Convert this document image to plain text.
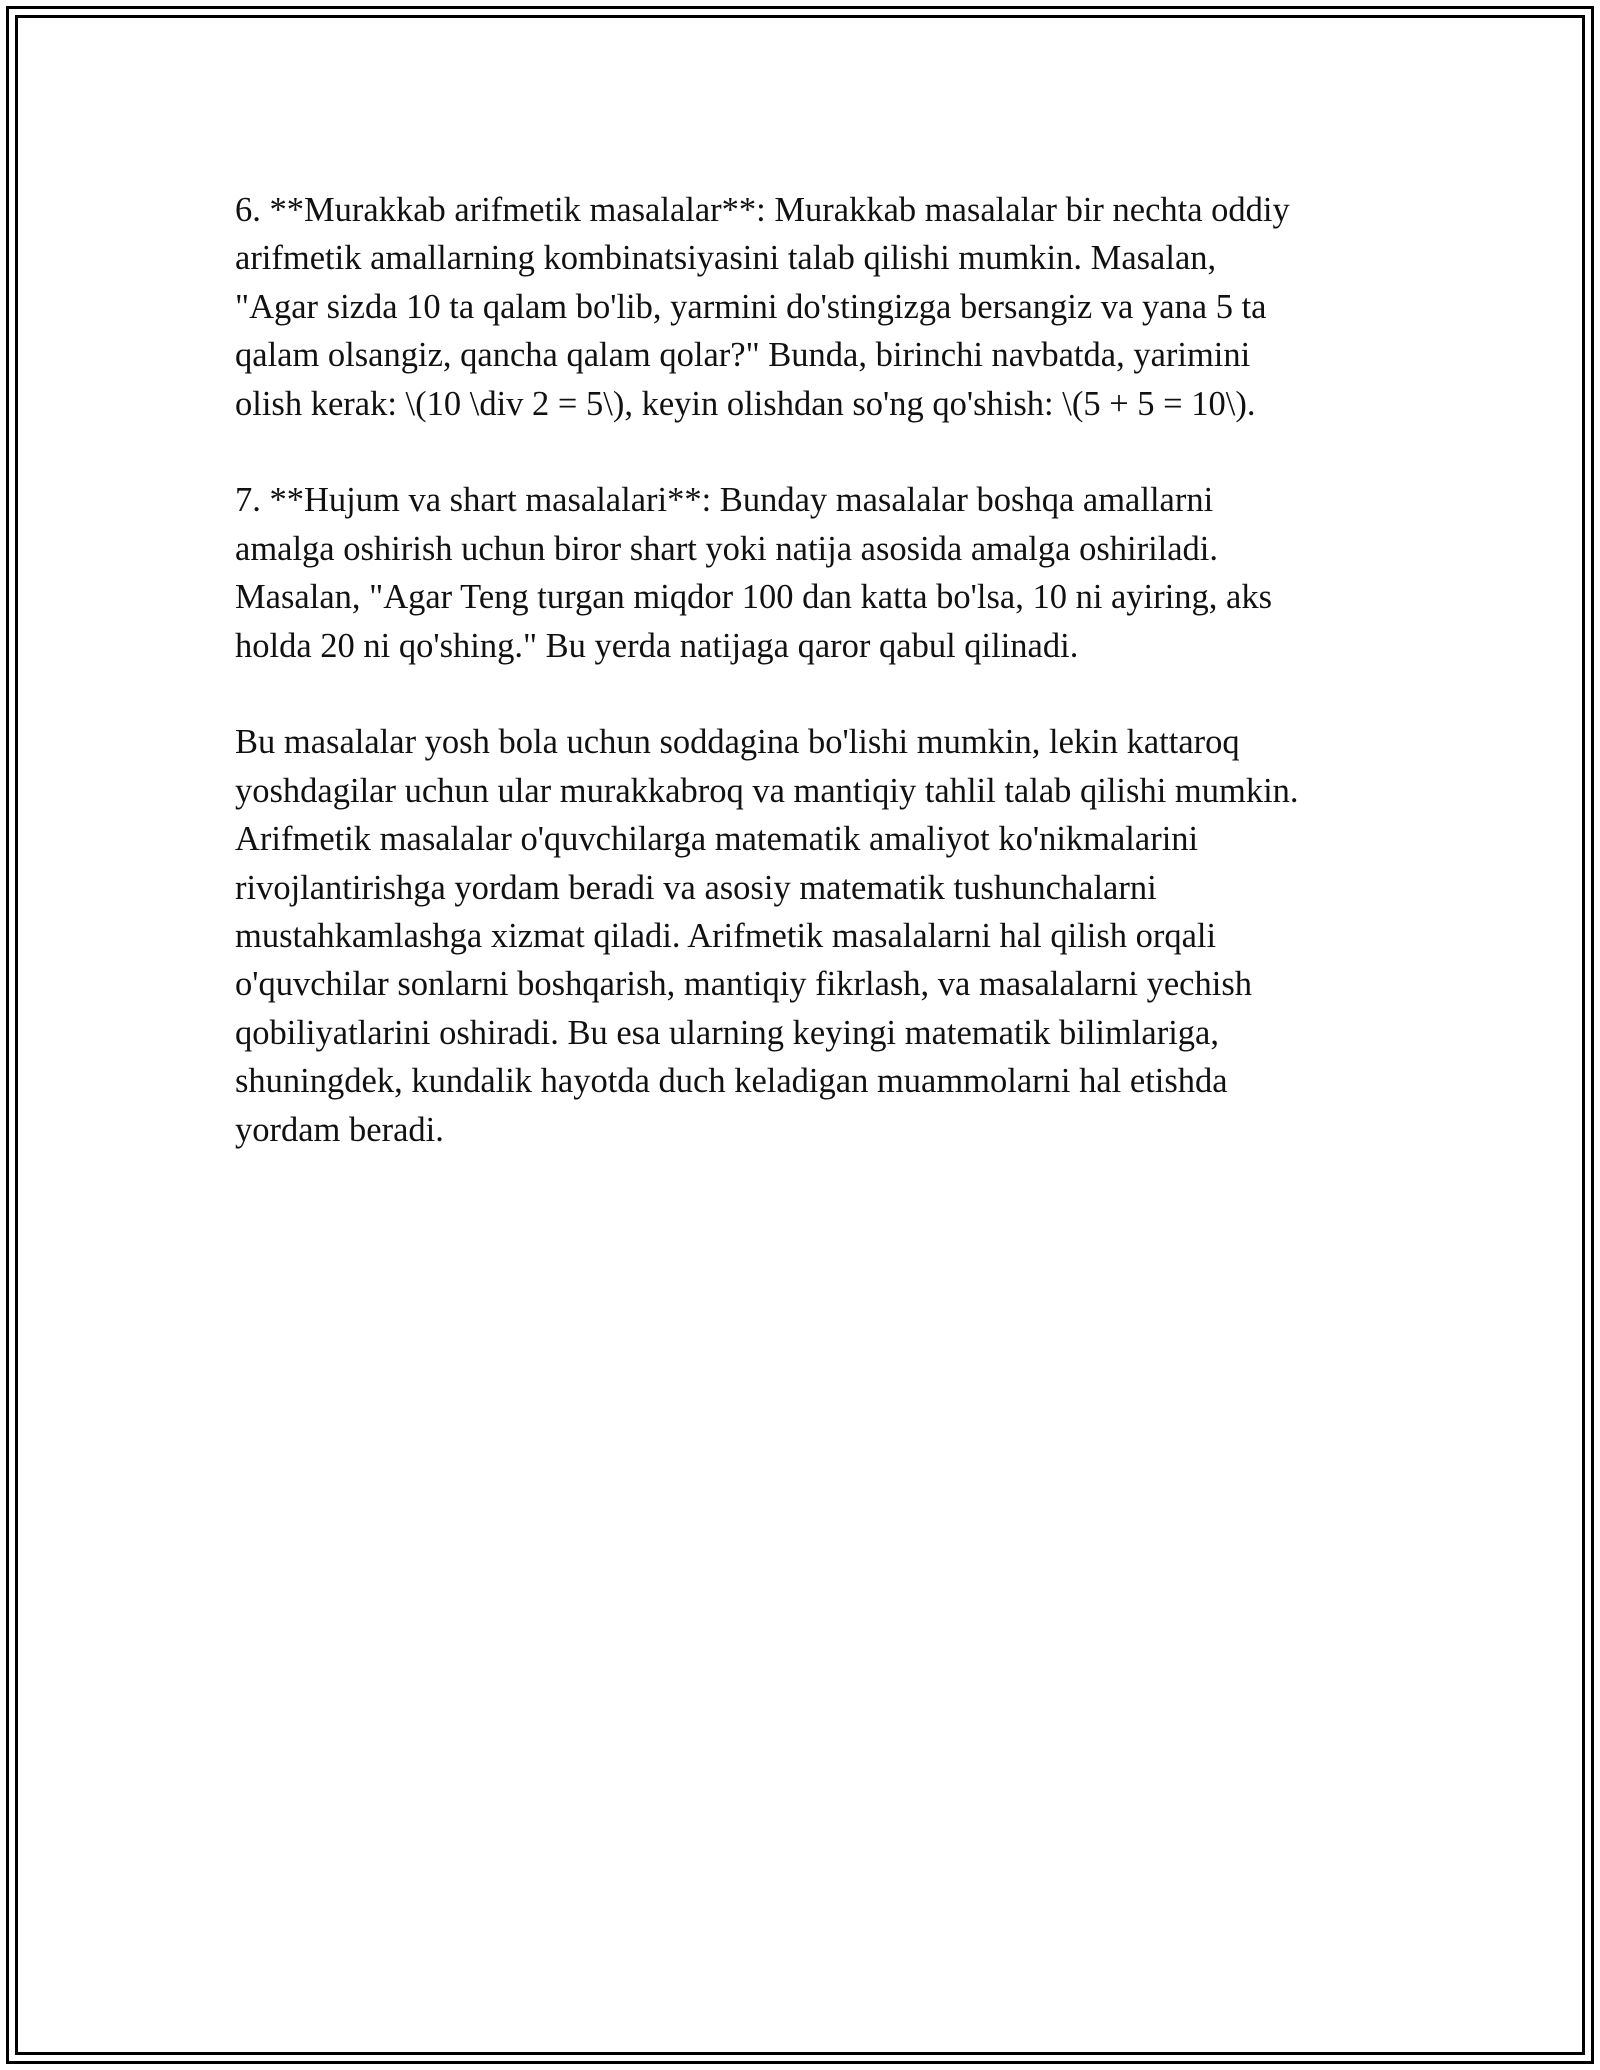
6. **Murakkab arifmetik masalalar**: Murakkab masalalar bir nechta oddiy
arifmetik amallarning kombinatsiyasini talab qilishi mumkin. Masalan,
"Agar sizda 10 ta qalam bo'lib, yarmini do'stingizga bersangiz va yana 5 ta
qalam olsangiz, qancha qalam qolar?" Bunda, birinchi navbatda, yarimini
olish kerak: \(10 \div 2 = 5\), keyin olishdan so'ng qo'shish: \(5 + 5 = 10\).

7. **Hujum va shart masalalari**: Bunday masalalar boshqa amallarni
amalga oshirish uchun biror shart yoki natija asosida amalga oshiriladi.
Masalan, "Agar Teng turgan miqdor 100 dan katta bo'lsa, 10 ni ayiring, aks
holda 20 ni qo'shing." Bu yerda natijaga qaror qabul qilinadi.

Bu masalalar yosh bola uchun soddagina bo'lishi mumkin, lekin kattaroq
yoshdagilar uchun ular murakkabroq va mantiqiy tahlil talab qilishi mumkin.
Arifmetik masalalar o'quvchilarga matematik amaliyot ko'nikmalarini
rivojlantirishga yordam beradi va asosiy matematik tushunchalarni
mustahkamlashga xizmat qiladi. Arifmetik masalalarni hal qilish orqali
o'quvchilar sonlarni boshqarish, mantiqiy fikrlash, va masalalarni yechish
qobiliyatlarini oshiradi. Bu esa ularning keyingi matematik bilimlariga,
shuningdek, kundalik hayotda duch keladigan muammolarni hal etishda
yordam beradi.
